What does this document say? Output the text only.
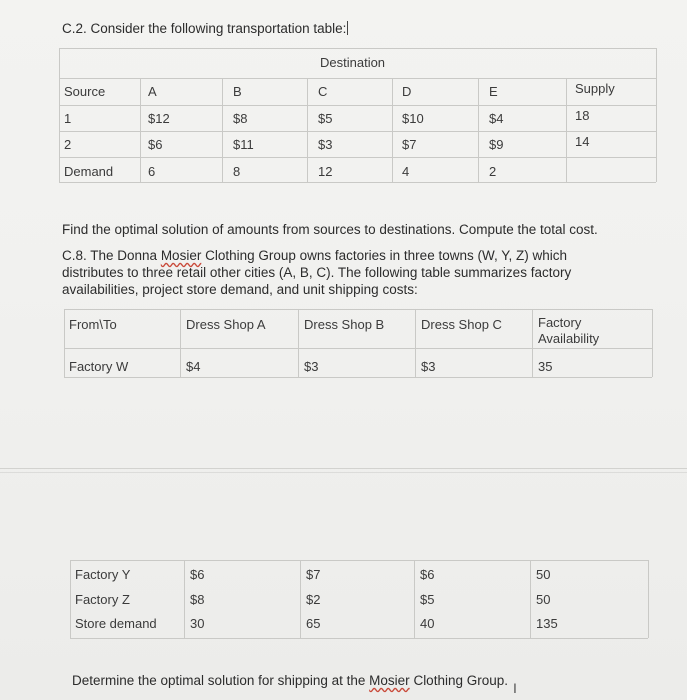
C.2. Consider the following transportation table:
Destination
Source	A	B	C	D	E	Supply
1	$12	$8	$5	$10	$4	18
2	$6	$11	$3	$7	$9	14
Demand	6	8	12	4	2
Find the optimal solution of amounts from sources to destinations. Compute the total cost.
C.8. The Donna Mosier Clothing Group owns factories in three towns (W, Y, Z) which
distributes to three retail other cities (A, B, C). The following table summarizes factory
availabilities, project store demand, and unit shipping costs:
From\To	Dress Shop A	Dress Shop B	Dress Shop C	Factory
Availability
Factory W	$4	$3	$3	35
Factory Y	$6	$7	$6	50
Factory Z	$8	$2	$5	50
Store demand	30	65	40	135
Determine the optimal solution for shipping at the Mosier Clothing Group. I
